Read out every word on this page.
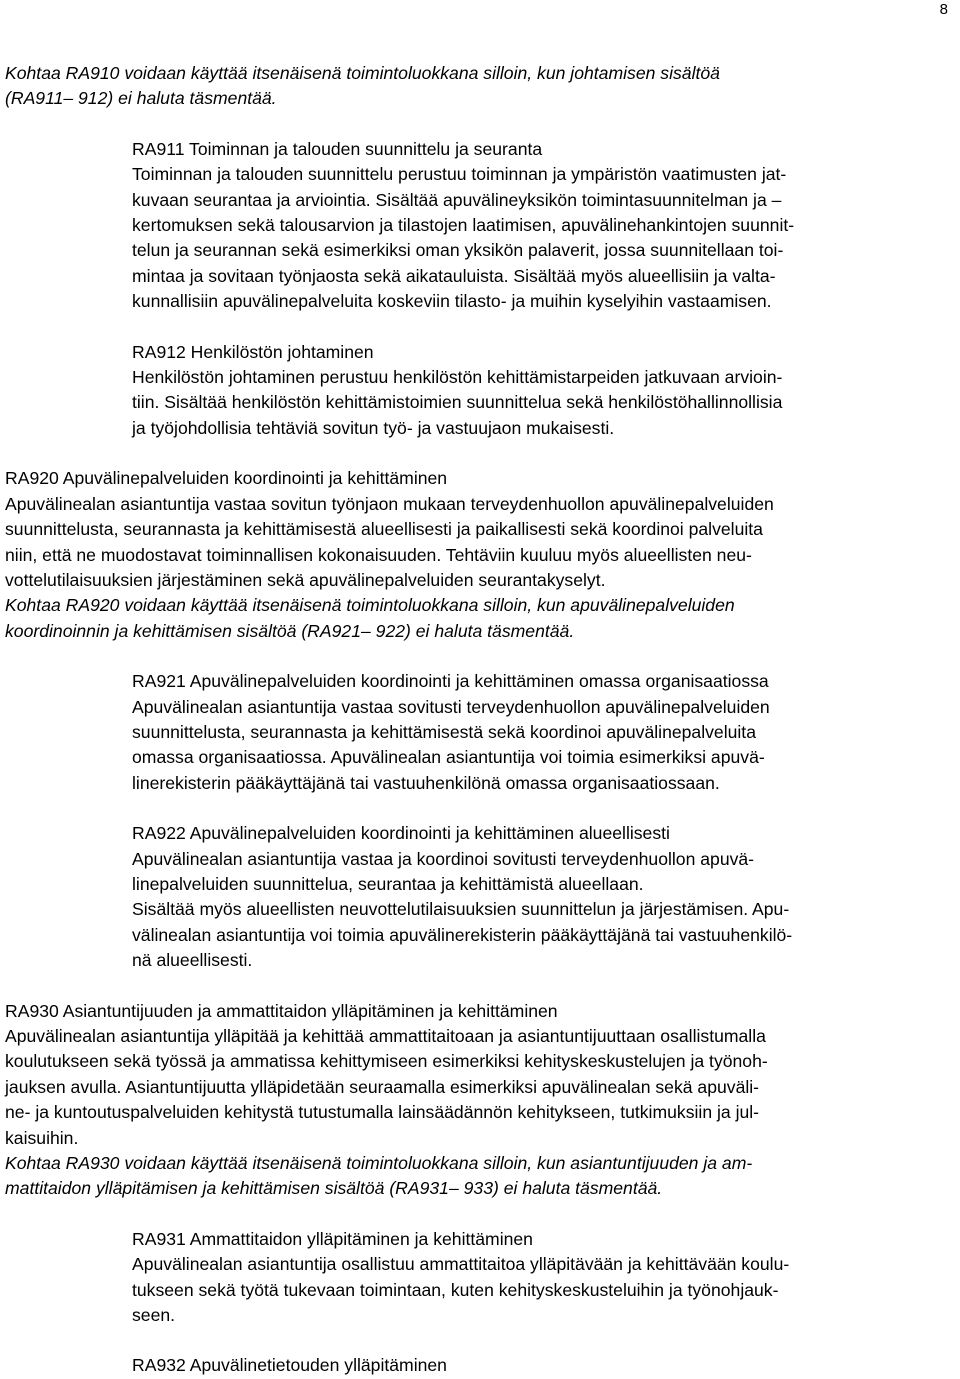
8

Kohtaa RA910 voidaan käyttää itsenäisenä toimintoluokkana silloin, kun johtamisen sisältöä
(RA911– 912) ei haluta täsmentää.

RA911 Toiminnan ja talouden suunnittelu ja seuranta
Toiminnan ja talouden suunnittelu perustuu toiminnan ja ympäristön vaatimusten jat-
kuvaan seurantaa ja arviointia. Sisältää apuvälineyksikön toimintasuunnitelman ja –
kertomuksen sekä talousarvion ja tilastojen laatimisen, apuvälinehankintojen suunnit-
telun ja seurannan sekä esimerkiksi oman yksikön palaverit, jossa suunnitellaan toi-
mintaa ja sovitaan työnjaosta sekä aikatauluista. Sisältää myös alueellisiin ja valta-
kunnallisiin apuvälinepalveluita koskeviin tilasto- ja muihin kyselyihin vastaamisen.

RA912 Henkilöstön johtaminen
Henkilöstön johtaminen perustuu henkilöstön kehittämistarpeiden jatkuvaan arvioin-
tiin. Sisältää henkilöstön kehittämistoimien suunnittelua sekä henkilöstöhallinnollisia
ja työjohdollisia tehtäviä sovitun työ- ja vastuujaon mukaisesti.

RA920 Apuvälinepalveluiden koordinointi ja kehittäminen
Apuvälinealan asiantuntija vastaa sovitun työnjaon mukaan terveydenhuollon apuvälinepalveluiden
suunnittelusta, seurannasta ja kehittämisestä alueellisesti ja paikallisesti sekä koordinoi palveluita
niin, että ne muodostavat toiminnallisen kokonaisuuden. Tehtäviin kuuluu myös alueellisten neu-
vottelutilaisuuksien järjestäminen sekä apuvälinepalveluiden seurantakyselyt.

Kohtaa RA920 voidaan käyttää itsenäisenä toimintoluokkana silloin, kun apuvälinepalveluiden
koordinoinnin ja kehittämisen sisältöä (RA921– 922) ei haluta täsmentää.

RA921 Apuvälinepalveluiden koordinointi ja kehittäminen omassa organisaatiossa
Apuvälinealan asiantuntija vastaa sovitusti terveydenhuollon apuvälinepalveluiden
suunnittelusta, seurannasta ja kehittämisestä sekä koordinoi apuvälinepalveluita
omassa organisaatiossa. Apuvälinealan asiantuntija voi toimia esimerkiksi apuvä-
linerekisterin pääkäyttäjänä tai vastuuhenkilönä omassa organisaatiossaan.

RA922 Apuvälinepalveluiden koordinointi ja kehittäminen alueellisesti
Apuvälinealan asiantuntija vastaa ja koordinoi sovitusti terveydenhuollon apuvä-
linepalveluiden suunnittelua, seurantaa ja kehittämistä alueellaan.
Sisältää myös alueellisten neuvottelutilaisuuksien suunnittelun ja järjestämisen. Apu-
välinealan asiantuntija voi toimia apuvälinerekisterin pääkäyttäjänä tai vastuuhenkilö-
nä alueellisesti.

RA930 Asiantuntijuuden ja ammattitaidon ylläpitäminen ja kehittäminen
Apuvälinealan asiantuntija ylläpitää ja kehittää ammattitaitoaan ja asiantuntijuuttaan osallistumalla
koulutukseen sekä työssä ja ammatissa kehittymiseen esimerkiksi kehityskeskustelujen ja työnoh-
jauksen avulla. Asiantuntijuutta ylläpidetään seuraamalla esimerkiksi apuvälinealan sekä apuväli-
ne- ja kuntoutuspalveluiden kehitystä tutustumalla lainsäädännön kehitykseen, tutkimuksiin ja jul-
kaisuihin.

Kohtaa RA930 voidaan käyttää itsenäisenä toimintoluokkana silloin, kun asiantuntijuuden ja am-
mattitaidon ylläpitämisen ja kehittämisen sisältöä (RA931– 933) ei haluta täsmentää.

RA931 Ammattitaidon ylläpitäminen ja kehittäminen
Apuvälinealan asiantuntija osallistuu ammattitaitoa ylläpitävään ja kehittävään koulu-
tukseen sekä työtä tukevaan toimintaan, kuten kehityskeskusteluihin ja työnohjauk-
seen.

RA932 Apuvälinetietouden ylläpitäminen
